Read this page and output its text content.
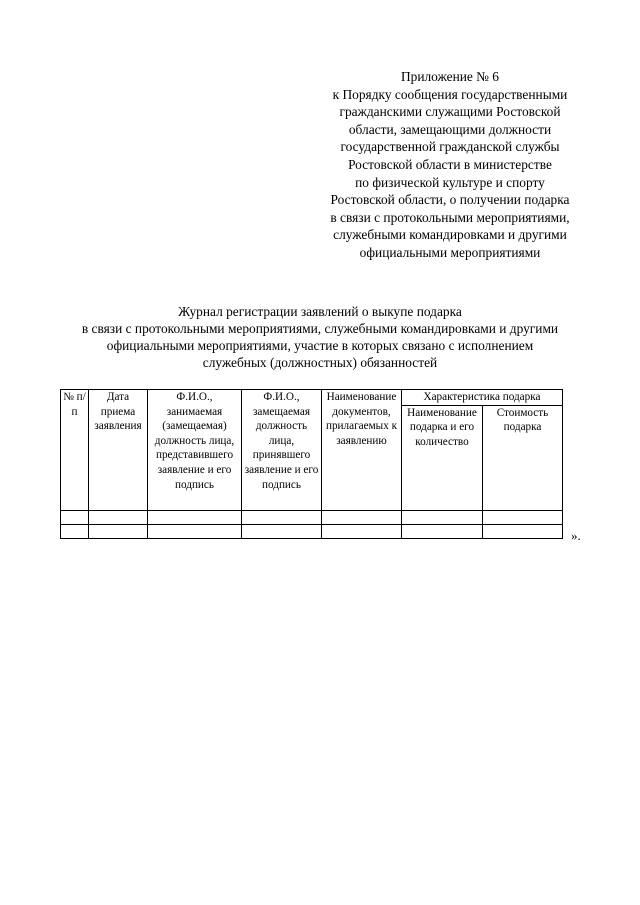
Приложение № 6
к Порядку сообщения государственными
гражданскими служащими Ростовской
области, замещающими должности
государственной гражданской службы
Ростовской области в министерстве
по физической культуре и спорту
Ростовской области, о получении подарка
в связи с протокольными мероприятиями,
служебными командировками и другими
официальными мероприятиями
Журнал регистрации заявлений о выкупе подарка
в связи с протокольными мероприятиями, служебными командировками и другими
официальными мероприятиями, участие в которых связано с исполнением
служебных (должностных) обязанностей
№ п/п	Дата приема заявления	Ф.И.О., занимаемая (замещаемая) должность лица, представившего заявление и его подпись	Ф.И.О., замещаемая должность лица, принявшего заявление и его подпись	Наименование документов, прилагаемых к заявлению	Характеристика подарка	
					Наименование подарка и его количество	Стоимость подарка

».
